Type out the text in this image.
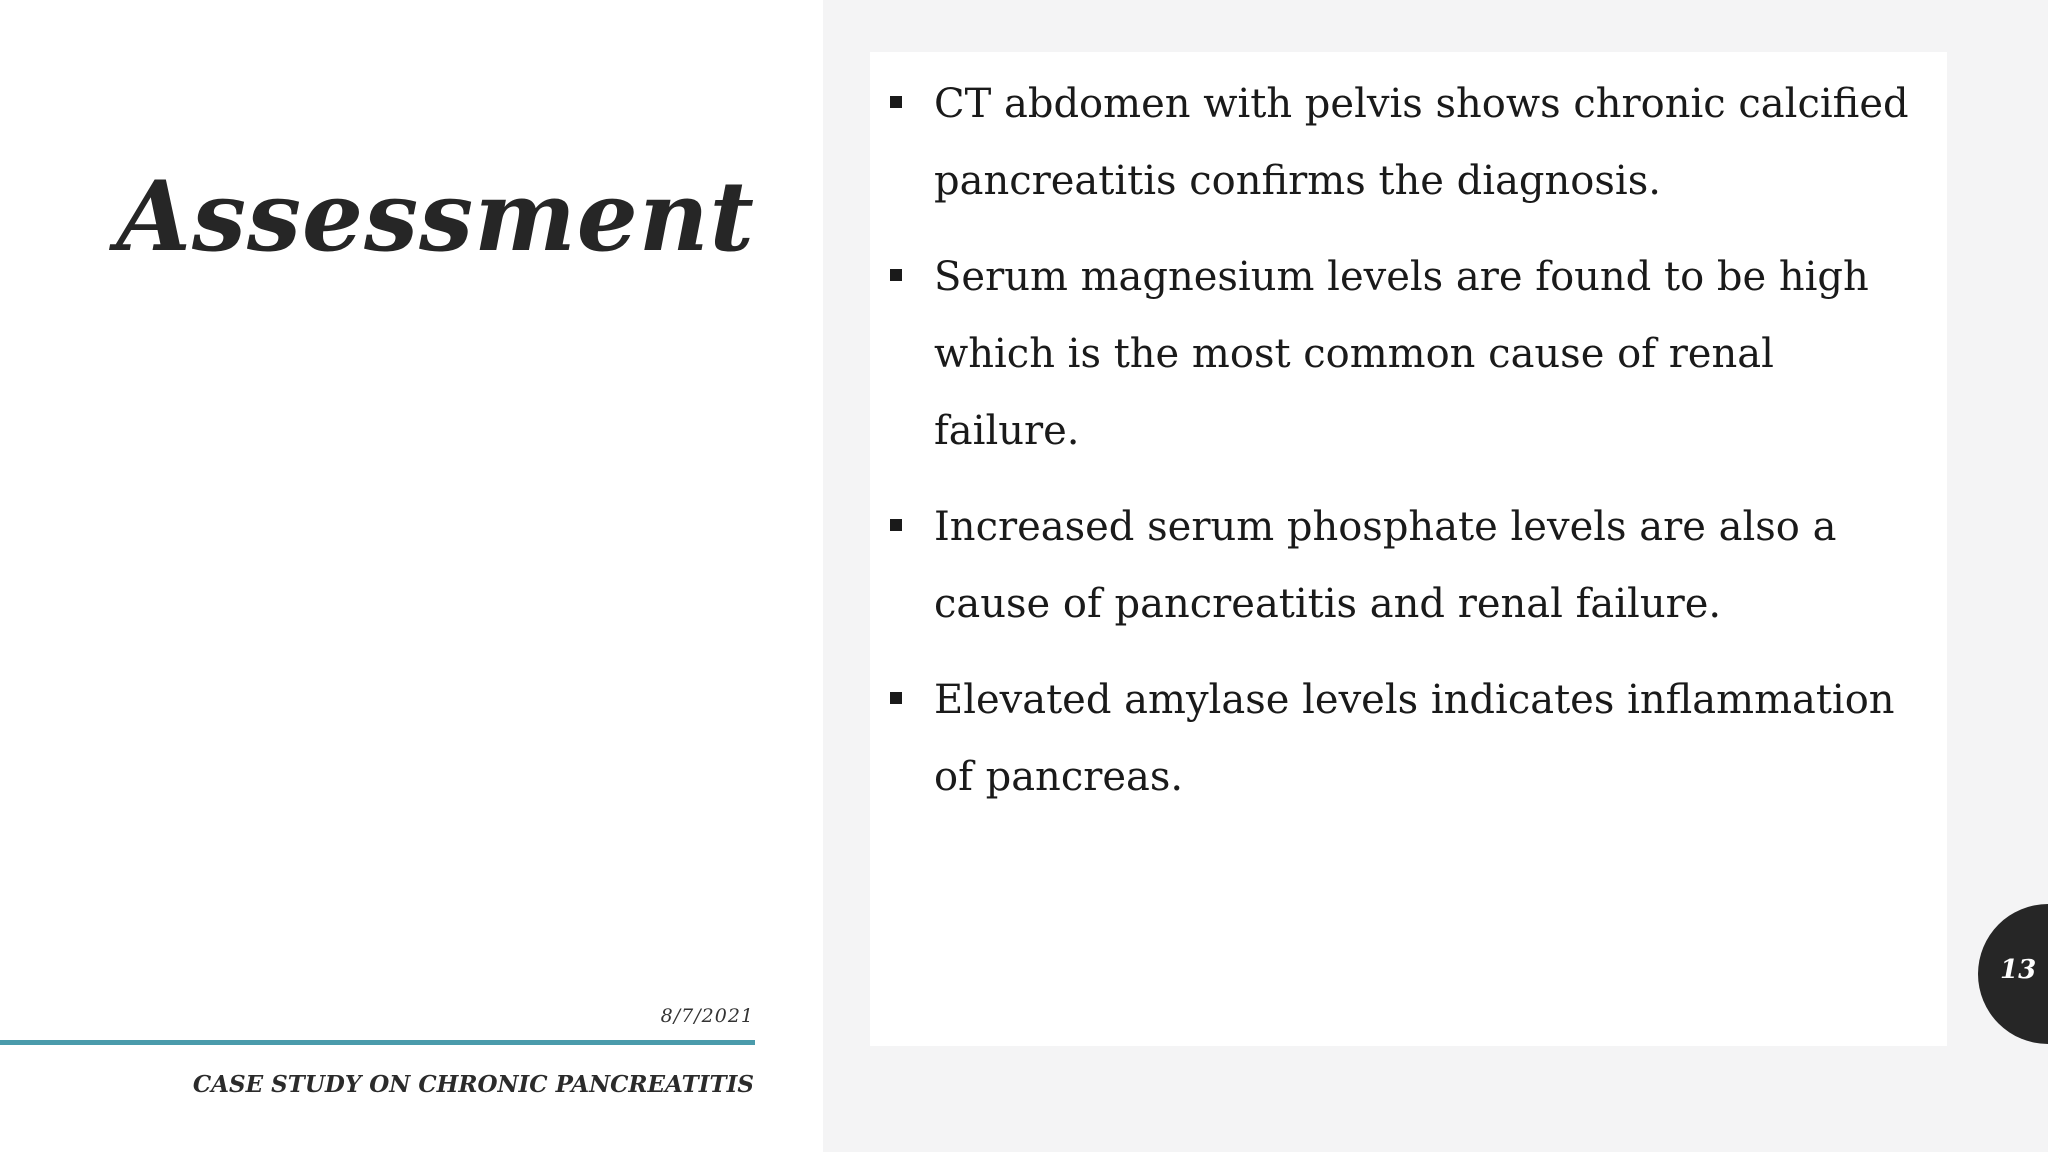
Assessment
CT abdomen with pelvis shows chronic calcified pancreatitis confirms the diagnosis.
Serum magnesium levels are found to be high which is the most common cause of renal failure.
Increased serum phosphate levels are also a cause of pancreatitis and renal failure.
Elevated amylase levels indicates inflammation of pancreas.
8/7/2021
CASE STUDY ON CHRONIC PANCREATITIS
13
